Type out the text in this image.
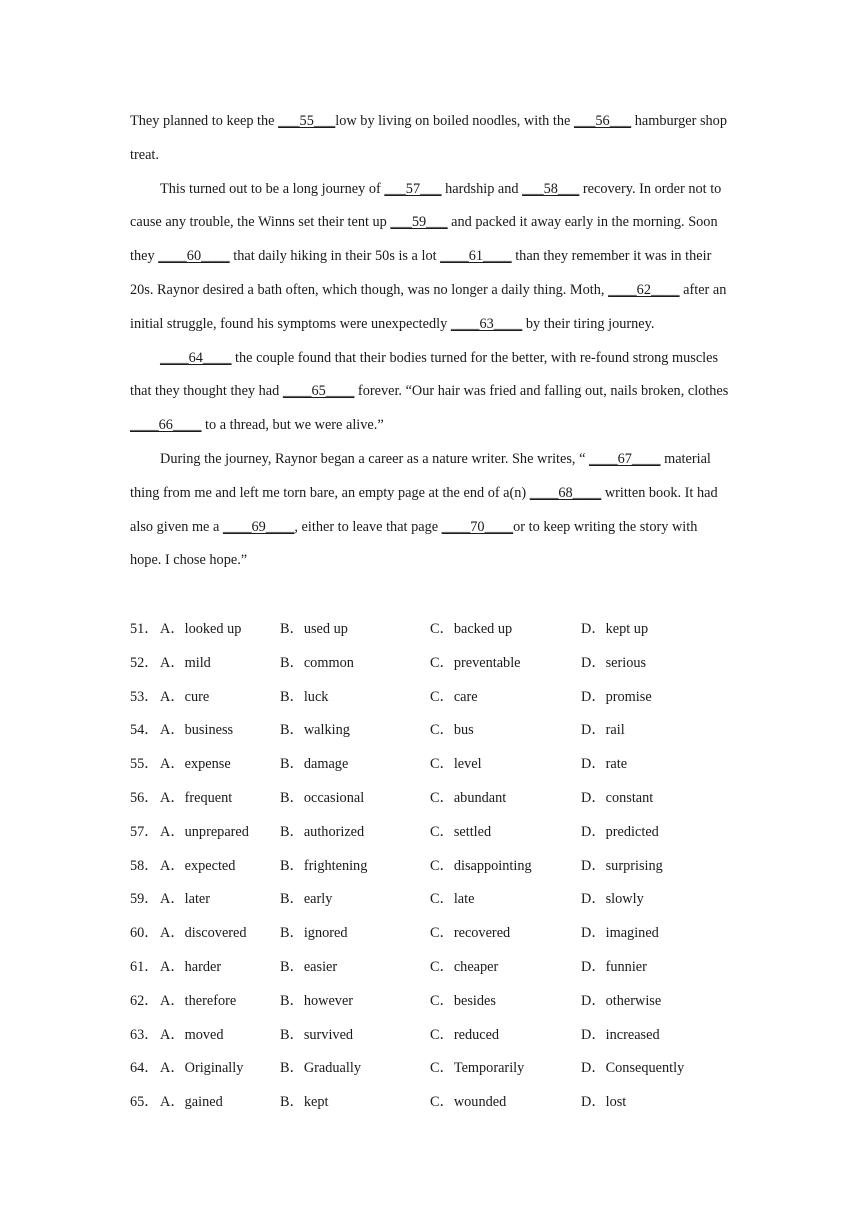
They planned to keep the ___55___low by living on boiled noodles, with the ___56___ hamburger shop treat.

This turned out to be a long journey of ___57___ hardship and ___58___ recovery. In order not to cause any trouble, the Winns set their tent up ___59___ and packed it away early in the morning. Soon they ____60____ that daily hiking in their 50s is a lot ____61____ than they remember it was in their 20s. Raynor desired a bath often, which though, was no longer a daily thing. Moth, ____62____ after an initial struggle, found his symptoms were unexpectedly ____63____ by their tiring journey.

____64____ the couple found that their bodies turned for the better, with re-found strong muscles that they thought they had ____65____ forever. “Our hair was fried and falling out, nails broken, clothes ____66____ to a thread, but we were alive.”

During the journey, Raynor began a career as a nature writer. She writes, “ ____67____ material thing from me and left me torn bare, an empty page at the end of a(n) ____68____ written book. It had also given me a ____69____, either to leave that page ____70____or to keep writing the story with hope. I chose hope.”

51． A．looked up	B．used up	C．backed up	D．kept up
52． A．mild	B．common	C．preventable	D．serious
53． A．cure	B．luck	C．care	D．promise
54． A．business	B．walking	C．bus	D．rail
55． A．expense	B．damage	C．level	D．rate
56． A．frequent	B．occasional	C．abundant	D．constant
57． A．unprepared B．authorized	C．settled	D．predicted
58． A．expected	B．frightening	C．disappointing	D．surprising
59． A．later	B．early	C．late	D．slowly
60． A．discovered B．ignored	C．recovered	D．imagined
61． A．harder	B．easier	C．cheaper	D．funnier
62． A．therefore	B．however	C．besides	D．otherwise
63． A．moved	B．survived	C．reduced	D．increased
64． A．Originally	B．Gradually	C．Temporarily	D．Consequently
65． A．gained	B．kept	C．wounded	D．lost
